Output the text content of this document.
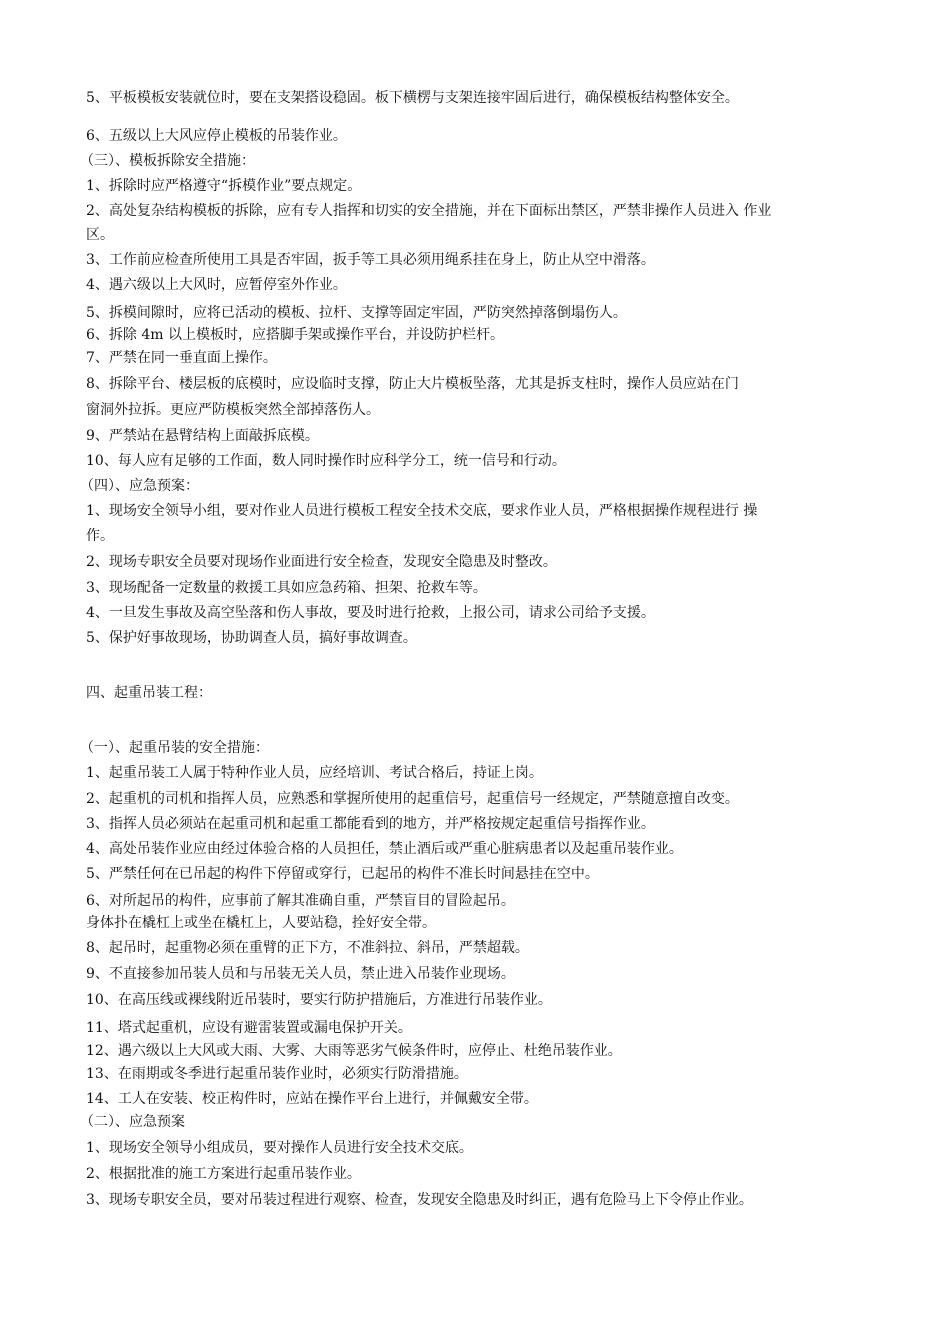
5、平板模板安装就位时，要在支架搭设稳固。板下横楞与支架连接牢固后进行，确保模板结构整体安全。
6、五级以上大风应停止模板的吊装作业。
（三）、模板拆除安全措施：
1、拆除时应严格遵守“拆模作业”要点规定。
2、高处复杂结构模板的拆除，应有专人指挥和切实的安全措施，并在下面标出禁区，严禁非操作人员进入 作业
区。
3、工作前应检查所使用工具是否牢固，扳手等工具必须用绳系挂在身上，防止从空中滑落。
4、遇六级以上大风时，应暂停室外作业。
5、拆模间隙时，应将已活动的模板、拉杆、支撑等固定牢固，严防突然掉落倒塌伤人。
6、拆除 4m 以上模板时，应搭脚手架或操作平台，并设防护栏杆。
7、严禁在同一垂直面上操作。
8、拆除平台、楼层板的底模时，应设临时支撑，防止大片模板坠落，尤其是拆支柱时，操作人员应站在门
窗洞外拉拆。更应严防模板突然全部掉落伤人。
9、严禁站在悬臂结构上面敲拆底模。
10、每人应有足够的工作面，数人同时操作时应科学分工，统一信号和行动。
（四）、应急预案：
1、现场安全领导小组，要对作业人员进行模板工程安全技术交底，要求作业人员，严格根据操作规程进行 操
作。
2、现场专职安全员要对现场作业面进行安全检查，发现安全隐患及时整改。
3、现场配备一定数量的救援工具如应急药箱、担架、抢救车等。
4、一旦发生事故及高空坠落和伤人事故，要及时进行抢救，上报公司，请求公司给予支援。
5、保护好事故现场，协助调查人员，搞好事故调查。
四、起重吊装工程：
（一）、起重吊装的安全措施：
1、起重吊装工人属于特种作业人员，应经培训、考试合格后，持证上岗。
2、起重机的司机和指挥人员，应熟悉和掌握所使用的起重信号，起重信号一经规定，严禁随意擅自改变。
3、指挥人员必须站在起重司机和起重工都能看到的地方，并严格按规定起重信号指挥作业。
4、高处吊装作业应由经过体验合格的人员担任，禁止酒后或严重心脏病患者以及起重吊装作业。
5、严禁任何在已吊起的构件下停留或穿行，已起吊的构件不准长时间悬挂在空中。
6、对所起吊的构件，应事前了解其准确自重，严禁盲目的冒险起吊。
身体扑在橇杠上或坐在橇杠上，人要站稳，拴好安全带。
8、起吊时，起重物必须在重臂的正下方，不准斜拉、斜吊，严禁超载。
9、不直接参加吊装人员和与吊装无关人员，禁止进入吊装作业现场。
10、在高压线或裸线附近吊装时，要实行防护措施后，方准进行吊装作业。
11、塔式起重机，应设有避雷装置或漏电保护开关。
12、遇六级以上大风或大雨、大雾、大雨等恶劣气候条件时，应停止、杜绝吊装作业。
13、在雨期或冬季进行起重吊装作业时，必须实行防滑措施。
14、工人在安装、校正构件时，应站在操作平台上进行，并佩戴安全带。
（二）、应急预案
1、现场安全领导小组成员，要对操作人员进行安全技术交底。
2、根据批准的施工方案进行起重吊装作业。
3、现场专职安全员，要对吊装过程进行观察、检查，发现安全隐患及时纠正，遇有危险马上下令停止作业。
